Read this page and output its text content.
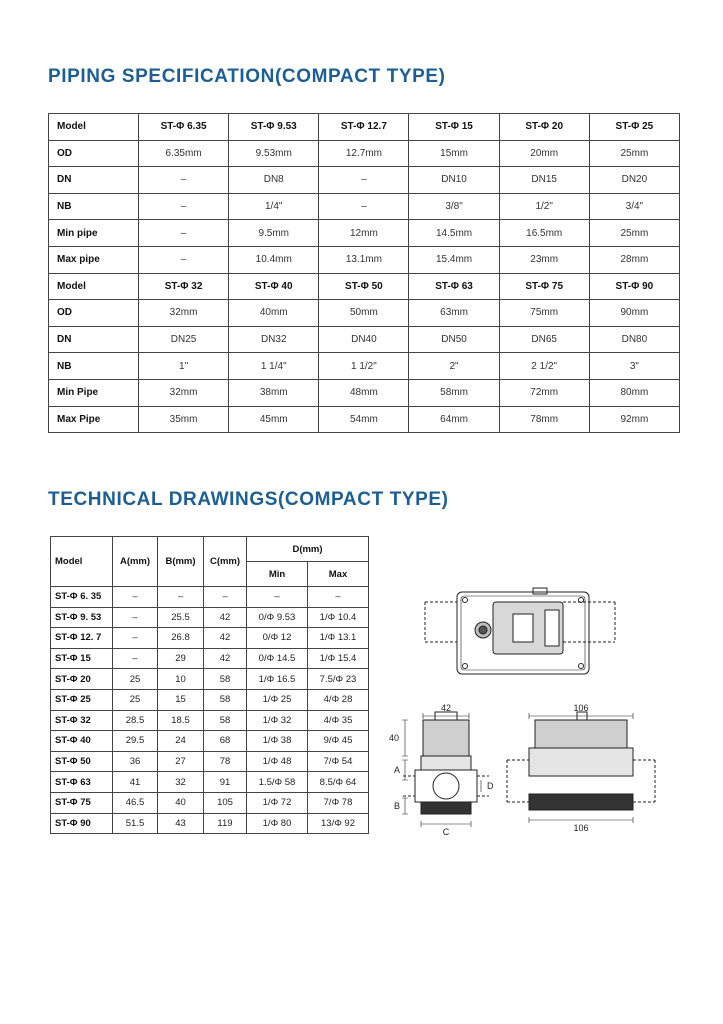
PIPING SPECIFICATION(COMPACT TYPE)
Model	ST-Φ 6.35	ST-Φ 9.53	ST-Φ 12.7	ST-Φ 15	ST-Φ 20	ST-Φ 25
OD	6.35mm	9.53mm	12.7mm	15mm	20mm	25mm
DN	–	DN8	–	DN10	DN15	DN20
NB	–	1/4"	–	3/8"	1/2"	3/4"
Min pipe	–	9.5mm	12mm	14.5mm	16.5mm	25mm
Max pipe	–	10.4mm	13.1mm	15.4mm	23mm	28mm
Model	ST-Φ 32	ST-Φ 40	ST-Φ 50	ST-Φ 63	ST-Φ 75	ST-Φ 90
OD	32mm	40mm	50mm	63mm	75mm	90mm
DN	DN25	DN32	DN40	DN50	DN65	DN80
NB	1"	1 1/4"	1 1/2"	2"	2 1/2"	3"
Min Pipe	32mm	38mm	48mm	58mm	72mm	80mm
Max Pipe	35mm	45mm	54mm	64mm	78mm	92mm
TECHNICAL DRAWINGS(COMPACT TYPE)
Model	A(mm)	B(mm)	C(mm)	D(mm)	
				Min	Max
ST-Φ 6. 35	–	–	–	–	–
ST-Φ 9. 53	–	25.5	42	0/Φ 9.53	1/Φ 10.4
ST-Φ 12. 7	–	26.8	42	0/Φ 12	1/Φ 13.1
ST-Φ 15	–	29	42	0/Φ 14.5	1/Φ 15.4
ST-Φ 20	25	10	58	1/Φ 16.5	7.5/Φ 23
ST-Φ 25	25	15	58	1/Φ 25	4/Φ 28
ST-Φ 32	28.5	18.5	58	1/Φ 32	4/Φ 35
ST-Φ 40	29.5	24	68	1/Φ 38	9/Φ 45
ST-Φ 50	36	27	78	1/Φ 48	7/Φ 54
ST-Φ 63	41	32	91	1.5/Φ 58	8.5/Φ 64
ST-Φ 75	46.5	40	105	1/Φ 72	7/Φ 78
ST-Φ 90	51.5	43	119	1/Φ 80	13/Φ 92
42
40
A
B
C
D
106
106
